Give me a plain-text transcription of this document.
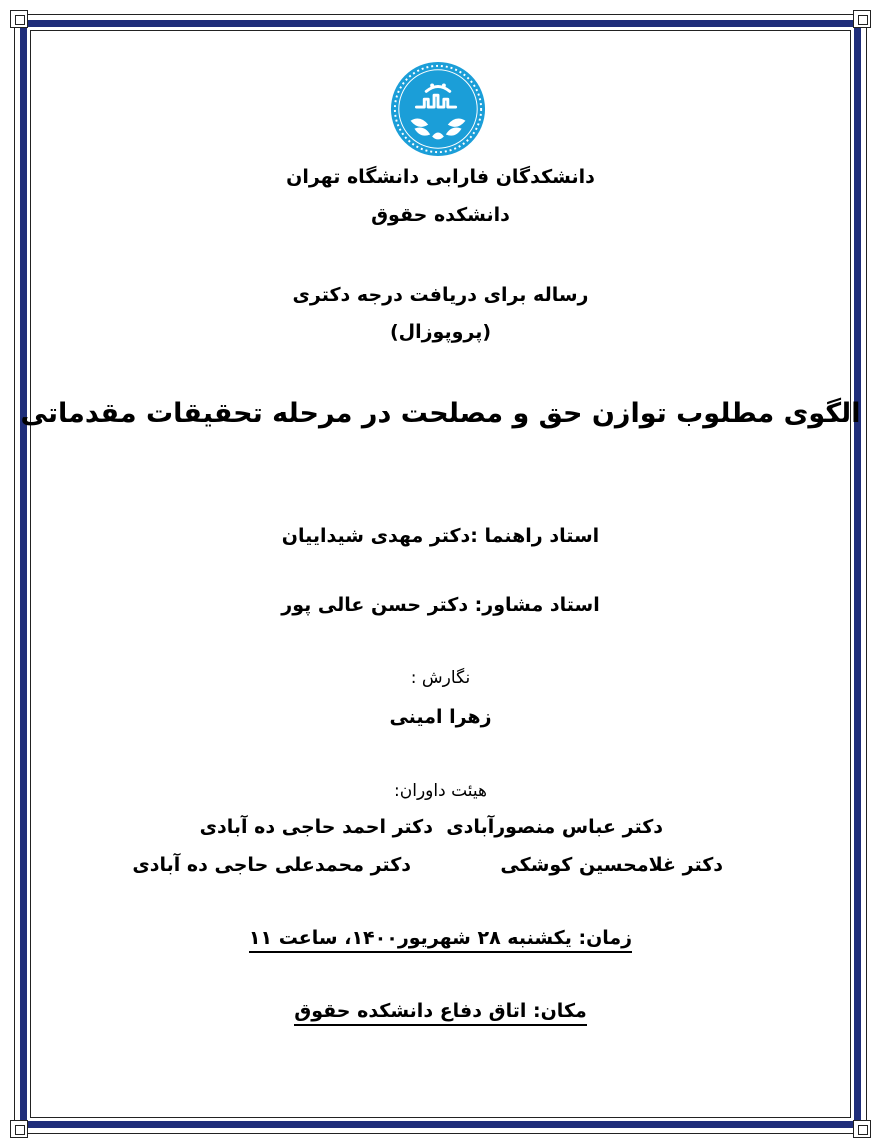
دانشکدگان فارابی دانشگاه تهران
دانشکده حقوق
رساله برای دریافت درجه دکتری
(پروپوزال)
الگوی مطلوب توازن حق و مصلحت در مرحله تحقیقات مقدماتی
استاد راهنما :دکتر مهدی شیداییان
استاد مشاور: دکتر حسن عالی پور
نگارش :
زهرا امینی
هیئت داوران:
دکتر عباس منصورآبادی
دکتر احمد حاجی ده آبادی
دکتر غلامحسین کوشکی
دکتر محمدعلی حاجی ده آبادی
زمان: یکشنبه ۲۸ شهریور۱۴۰۰، ساعت ۱۱
مکان: اتاق دفاع دانشکده حقوق
